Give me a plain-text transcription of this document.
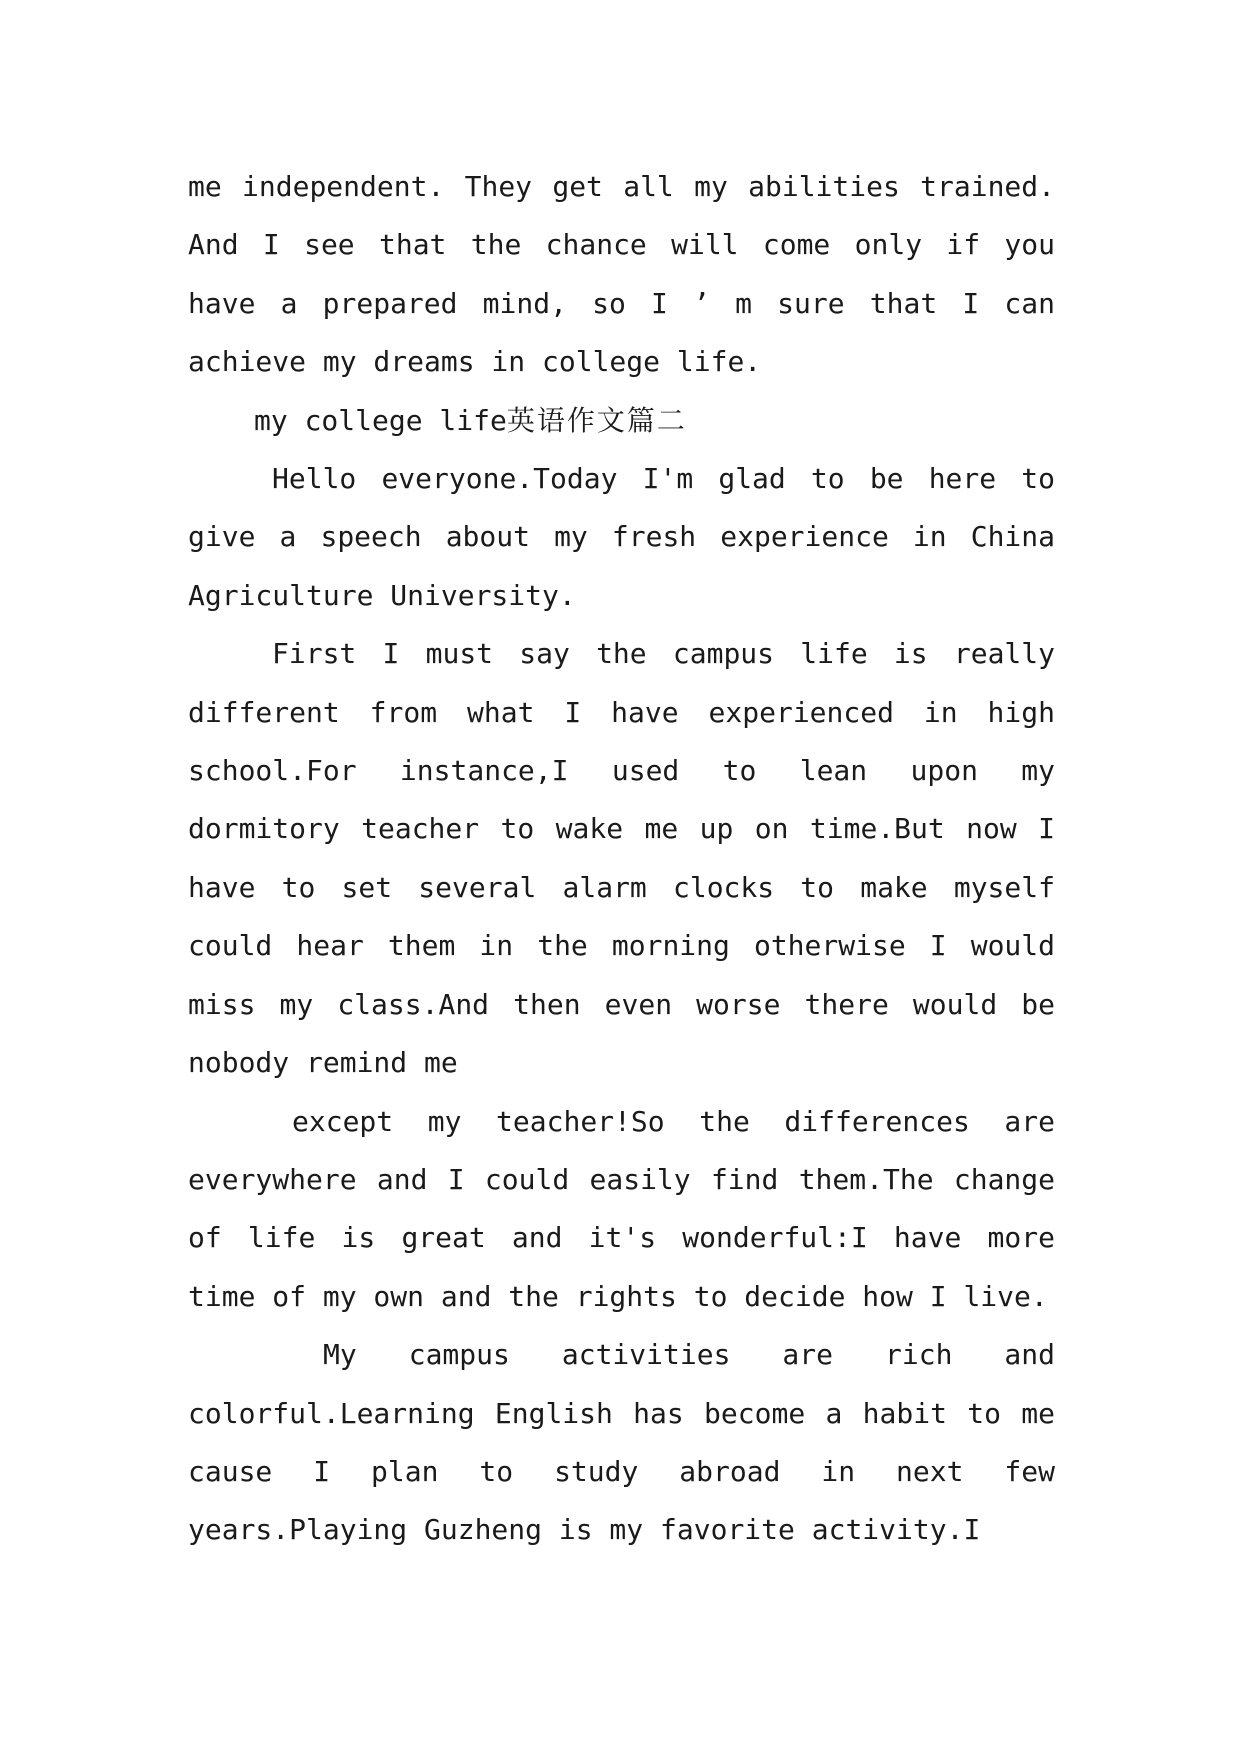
me independent. They get all my abilities trained. And I see that the chance will come only if you have a prepared mind, so I ’ m sure that I can achieve my dreams in college life.

my college life英语作文篇二

Hello everyone.Today I'm glad to be here to give a speech about my fresh experience in China Agriculture University.

First I must say the campus life is really different from what I have experienced in high school.For instance,I used to lean upon my dormitory teacher to wake me up on time.But now I have to set several alarm clocks to make myself could hear them in the morning otherwise I would miss my class.And then even worse there would be nobody remind me

except my teacher!So the differences are everywhere and I could easily find them.The change of life is great and it's wonderful:I have more time of my own and the rights to decide how I live.

My campus activities are rich and colorful.Learning English has become a habit to me cause I plan to study abroad in next few years.Playing Guzheng is my favorite activity.I
